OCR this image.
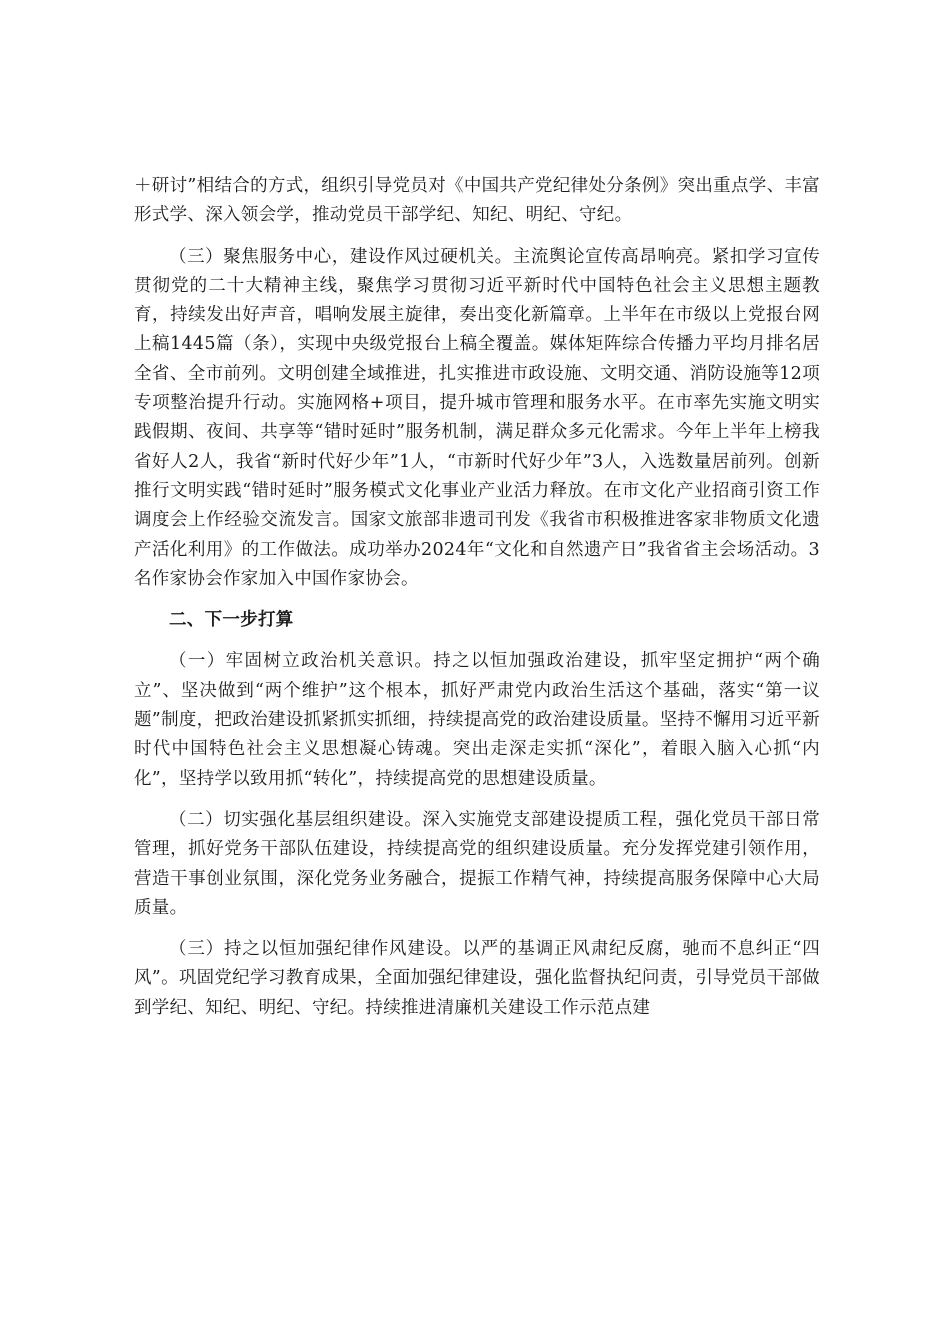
＋研讨”相结合的方式，组织引导党员对《中国共产党纪律处分条例》突出重点学、丰富形式学、深入领会学，推动党员干部学纪、知纪、明纪、守纪。

（三）聚焦服务中心，建设作风过硬机关。主流舆论宣传高昂响亮。紧扣学习宣传贯彻党的二十大精神主线，聚焦学习贯彻习近平新时代中国特色社会主义思想主题教育，持续发出好声音，唱响发展主旋律，奏出变化新篇章。上半年在市级以上党报台网上稿1445篇（条），实现中央级党报台上稿全覆盖。媒体矩阵综合传播力平均月排名居全省、全市前列。文明创建全域推进，扎实推进市政设施、文明交通、消防设施等12项专项整治提升行动。实施网格+项目，提升城市管理和服务水平。在市率先实施文明实践假期、夜间、共享等“错时延时”服务机制，满足群众多元化需求。今年上半年上榜我省好人2人，我省“新时代好少年”1人，“市新时代好少年”3人，入选数量居前列。创新推行文明实践“错时延时”服务模式文化事业产业活力释放。在市文化产业招商引资工作调度会上作经验交流发言。国家文旅部非遗司刊发《我省市积极推进客家非物质文化遗产活化利用》的工作做法。成功举办2024年“文化和自然遗产日”我省省主会场活动。3名作家协会作家加入中国作家协会。

二、下一步打算

（一）牢固树立政治机关意识。持之以恒加强政治建设，抓牢坚定拥护“两个确立”、坚决做到“两个维护”这个根本，抓好严肃党内政治生活这个基础，落实“第一议题”制度，把政治建设抓紧抓实抓细，持续提高党的政治建设质量。坚持不懈用习近平新时代中国特色社会主义思想凝心铸魂。突出走深走实抓“深化”，着眼入脑入心抓“内化”，坚持学以致用抓“转化”，持续提高党的思想建设质量。

（二）切实强化基层组织建设。深入实施党支部建设提质工程，强化党员干部日常管理，抓好党务干部队伍建设，持续提高党的组织建设质量。充分发挥党建引领作用，营造干事创业氛围，深化党务业务融合，提振工作精气神，持续提高服务保障中心大局质量。

（三）持之以恒加强纪律作风建设。以严的基调正风肃纪反腐，驰而不息纠正“四风”。巩固党纪学习教育成果，全面加强纪律建设，强化监督执纪问责，引导党员干部做到学纪、知纪、明纪、守纪。持续推进清廉机关建设工作示范点建
